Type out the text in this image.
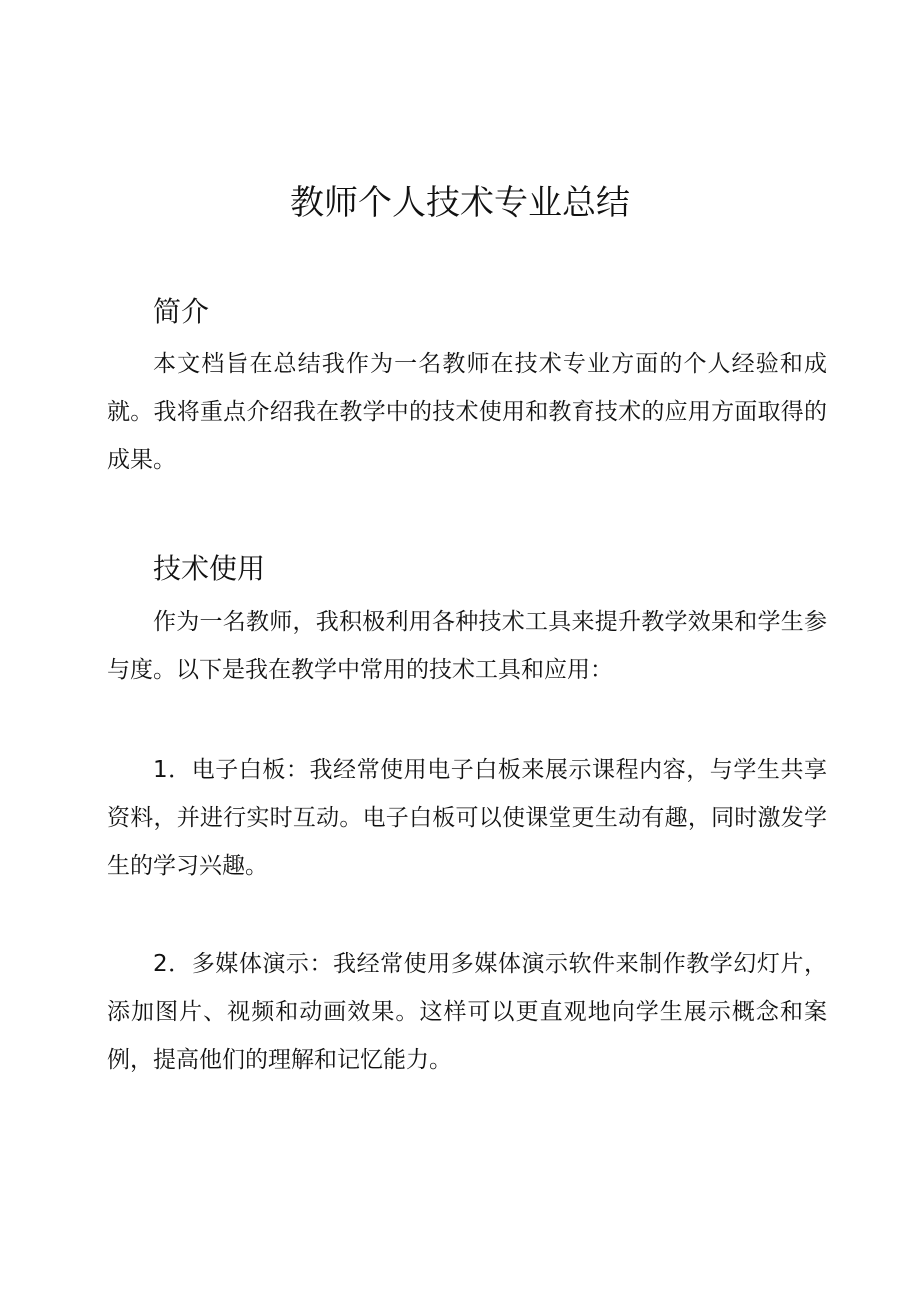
教师个人技术专业总结
简介

本文档旨在总结我作为一名教师在技术专业方面的个人经验和成就。我将重点介绍我在教学中的技术使用和教育技术的应用方面取得的成果。

技术使用

作为一名教师，我积极利用各种技术工具来提升教学效果和学生参与度。以下是我在教学中常用的技术工具和应用：

1．电子白板：我经常使用电子白板来展示课程内容，与学生共享资料，并进行实时互动。电子白板可以使课堂更生动有趣，同时激发学生的学习兴趣。

2．多媒体演示：我经常使用多媒体演示软件来制作教学幻灯片，添加图片、视频和动画效果。这样可以更直观地向学生展示概念和案例，提高他们的理解和记忆能力。
